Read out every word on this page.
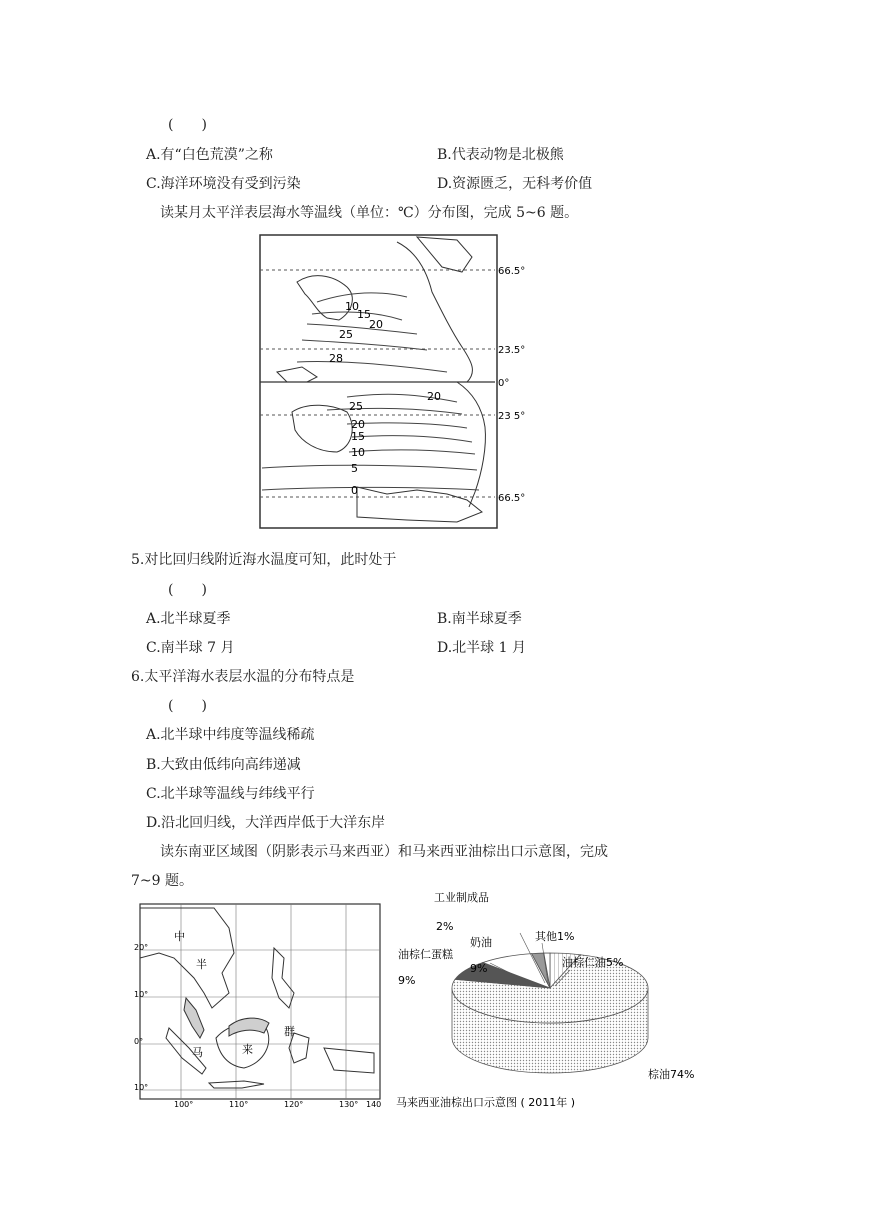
(　　)
A.有“白色荒漠”之称	B.代表动物是北极熊
C.海洋环境没有受到污染	D.资源匮乏，无科考价值
读某月太平洋表层海水等温线（单位：℃）分布图，完成 5~6 题。
66.5°
23.5°
0°
23 5°
66.5°
10
15
20
25
28
20
25
20
15
10
5
0
5.对比回归线附近海水温度可知，此时处于
(　　)
A.北半球夏季	B.南半球夏季
C.南半球 7 月	D.北半球 1 月
6.太平洋海水表层水温的分布特点是
(　　)
A.北半球中纬度等温线稀疏
B.大致由低纬向高纬递减
C.北半球等温线与纬线平行
D.沿北回归线，大洋西岸低于大洋东岸
读东南亚区域图（阴影表示马来西亚）和马来西亚油棕出口示意图，完成
7~9 题。
中
半
马	来
群
20°
10°
0°
10°
100°	110°	120°	130° 140
工业制成品
2%
油棕仁蛋糕
9%
奶油
9%
其他1%
油棕仁油5%
棕油74%
马来西亚油棕出口示意图 ( 2011年 )
